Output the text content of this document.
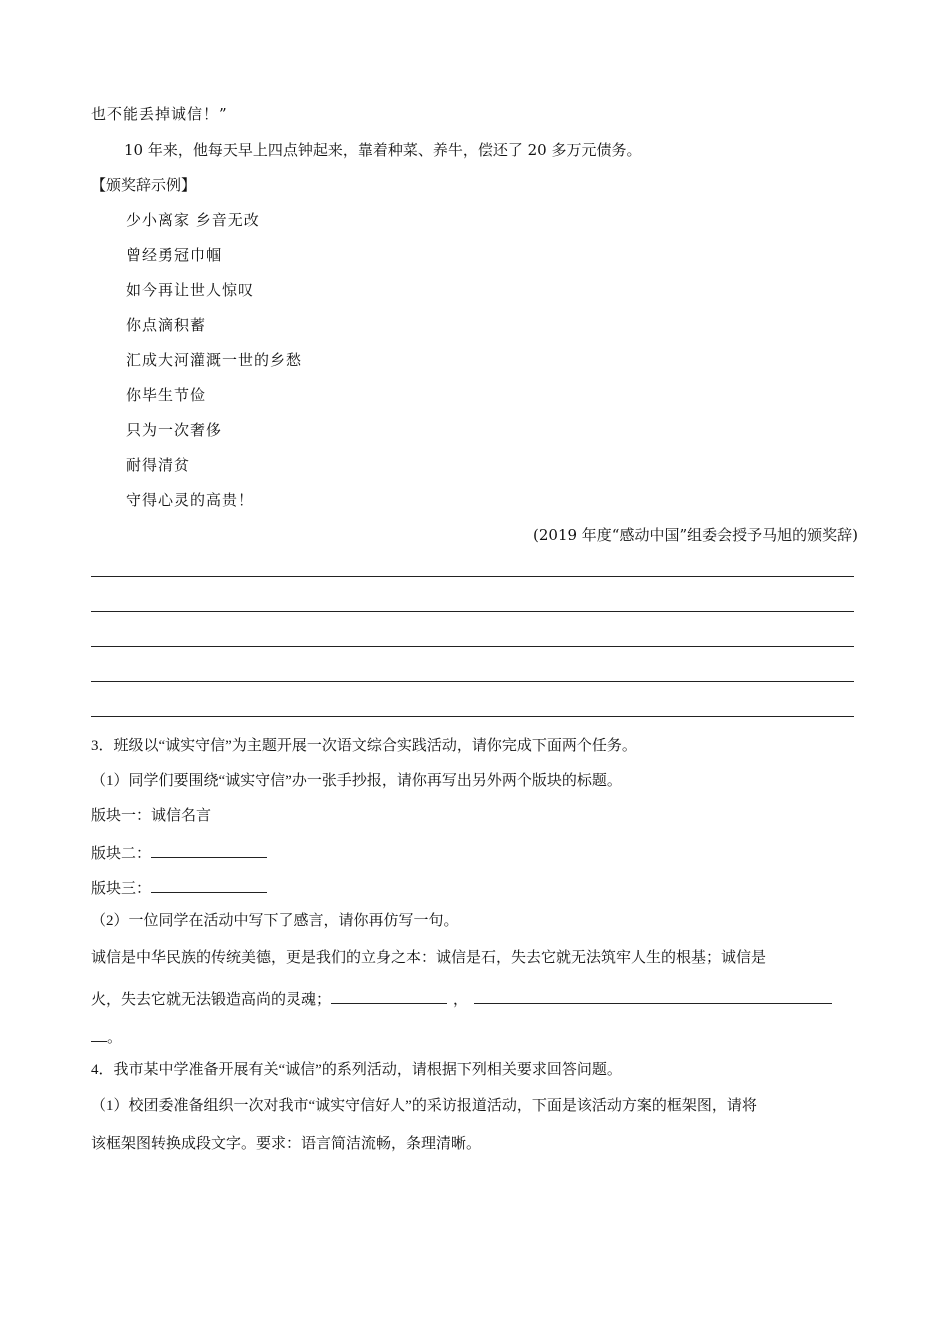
也不能丢掉诚信！”
10 年来，他每天早上四点钟起来，靠着种菜、养牛，偿还了 20 多万元债务。
【颁奖辞示例】
少小离家 乡音无改
曾经勇冠巾帼
如今再让世人惊叹
你点滴积蓄
汇成大河灌溉一世的乡愁
你毕生节俭
只为一次奢侈
耐得清贫
守得心灵的高贵！
(2019 年度“感动中国”组委会授予马旭的颁奖辞)
3．班级以“诚实守信”为主题开展一次语文综合实践活动，请你完成下面两个任务。
（1）同学们要围绕“诚实守信”办一张手抄报，请你再写出另外两个版块的标题。
版块一：诚信名言
版块二：
版块三：
（2）一位同学在活动中写下了感言，请你再仿写一句。
诚信是中华民族的传统美德，更是我们的立身之本：诚信是石，失去它就无法筑牢人生的根基；诚信是
火，失去它就无法锻造高尚的灵魂；	，
。
4．我市某中学准备开展有关“诚信”的系列活动，请根据下列相关要求回答问题。
（1）校团委准备组织一次对我市“诚实守信好人”的采访报道活动，下面是该活动方案的框架图，请将
该框架图转换成段文字。要求：语言简洁流畅，条理清晰。
